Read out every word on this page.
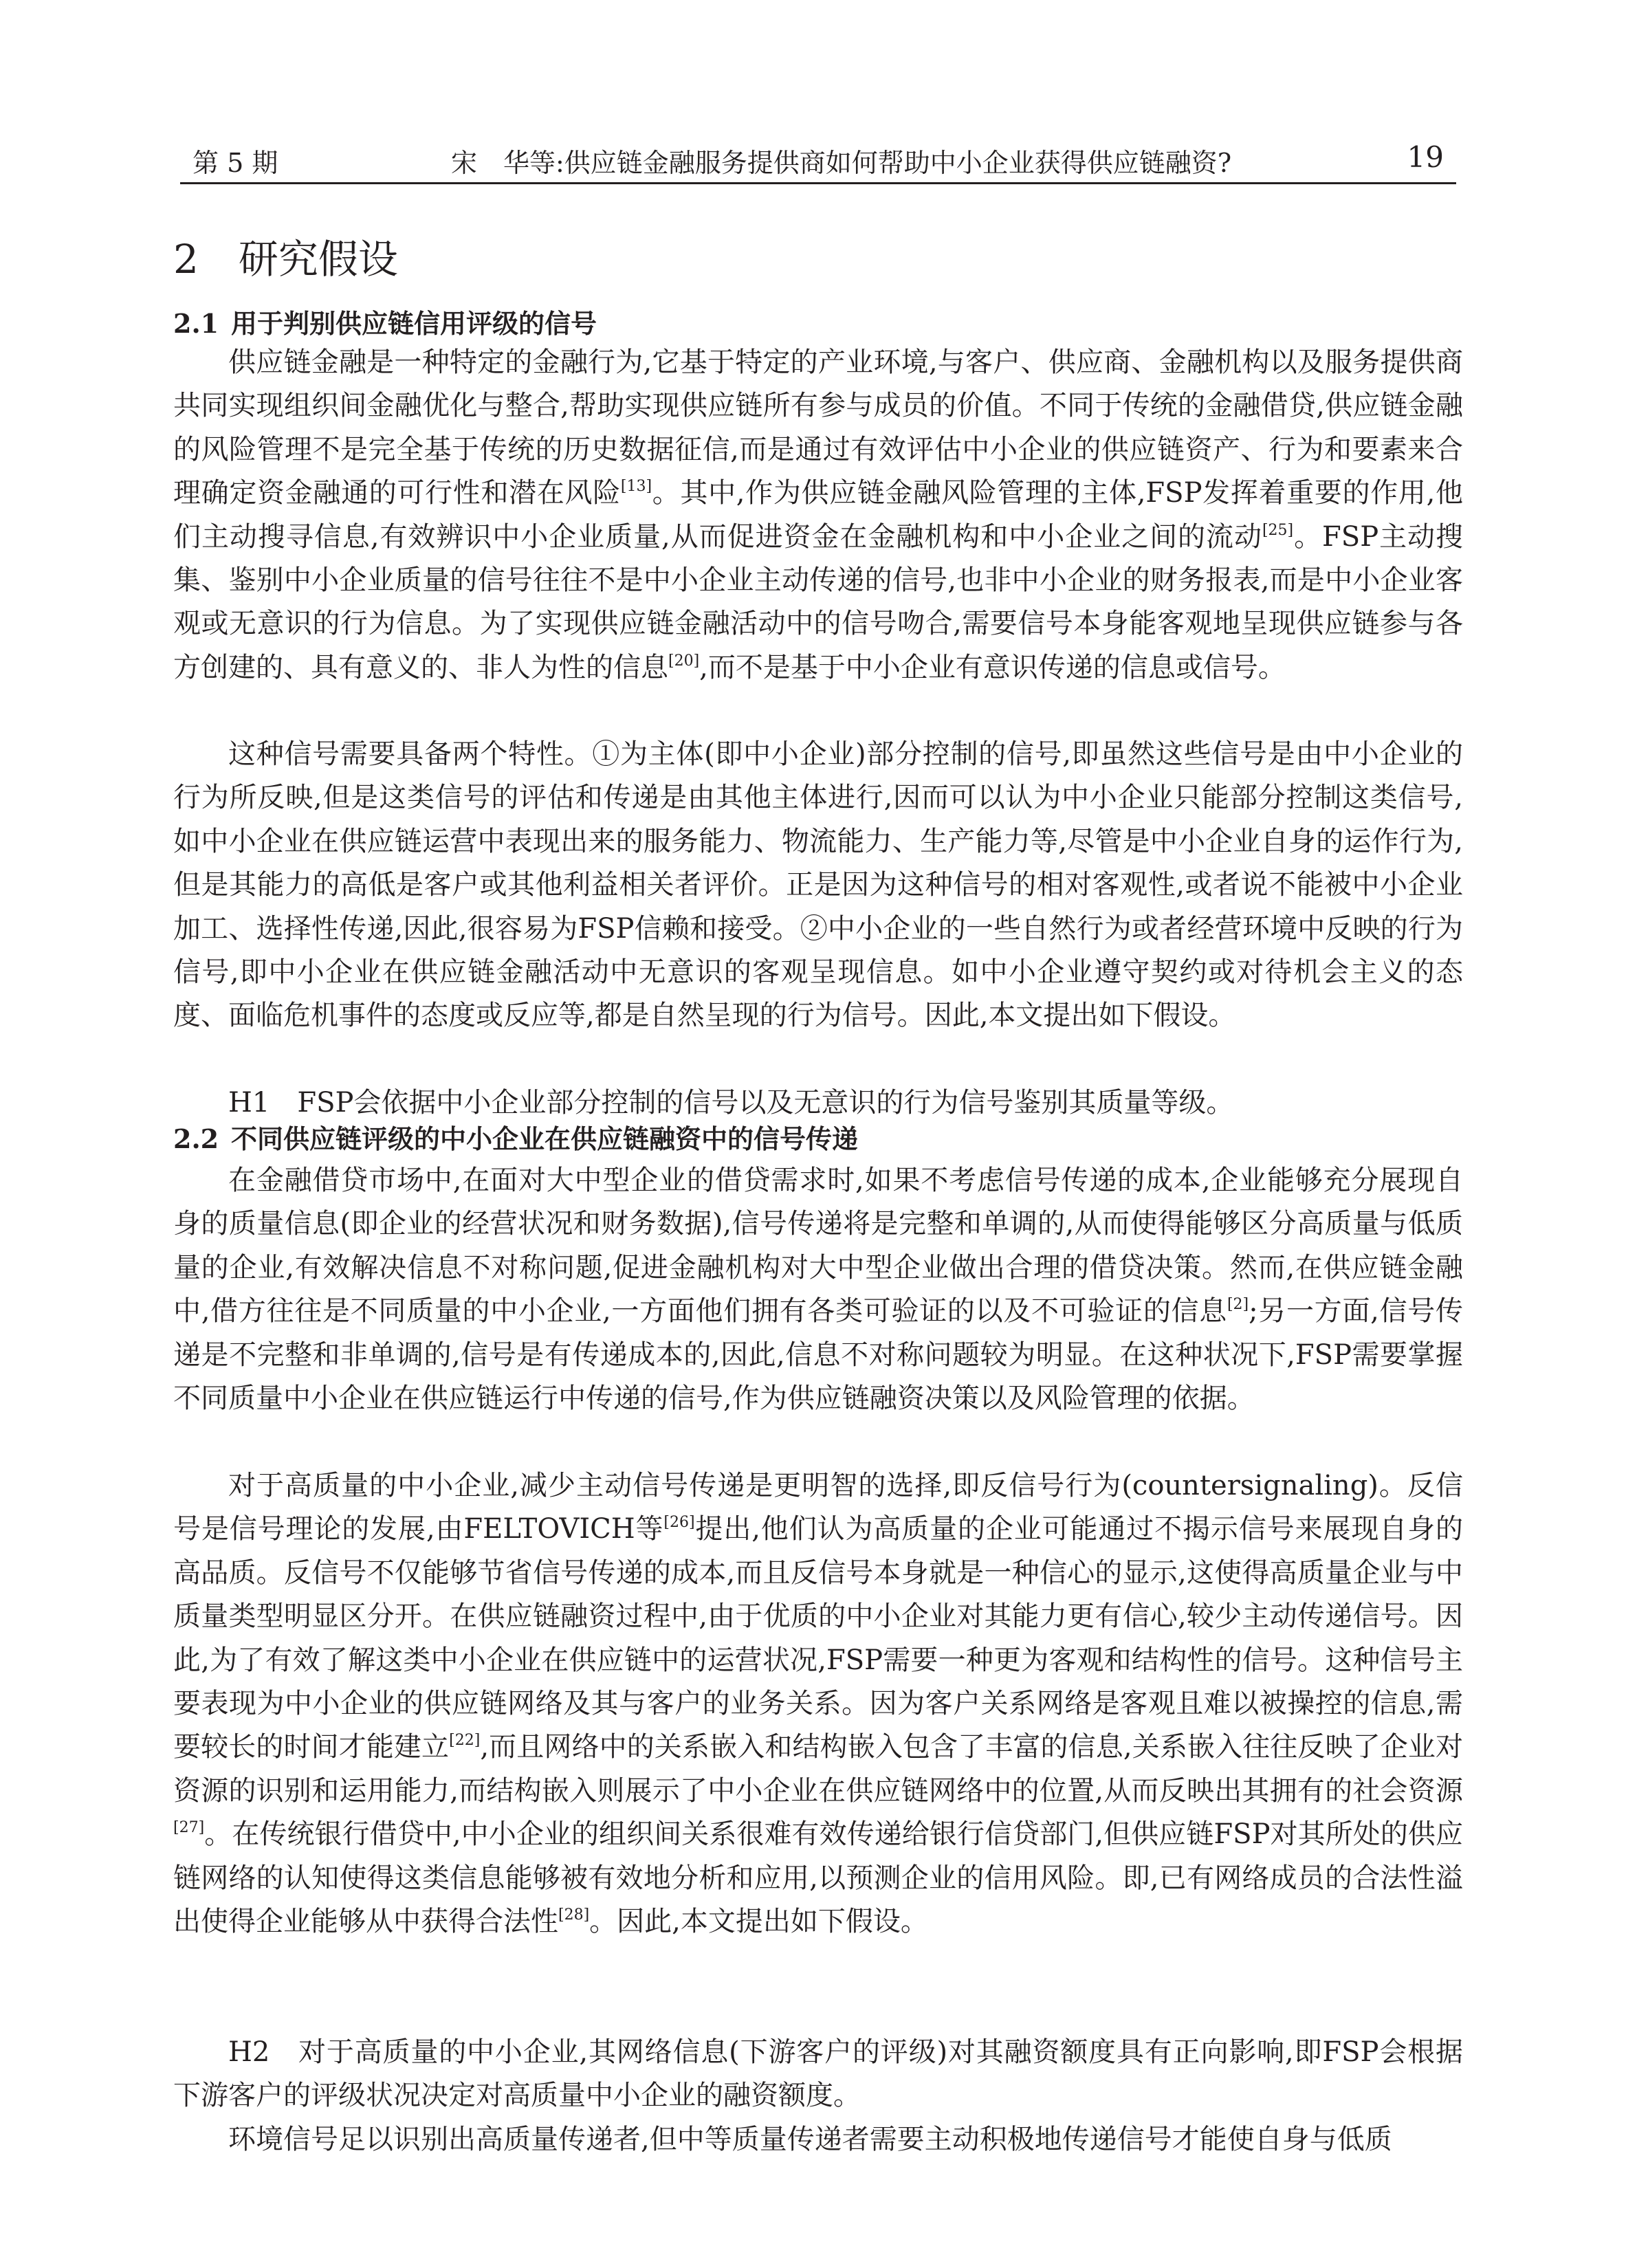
第 5 期	宋　华等:供应链金融服务提供商如何帮助中小企业获得供应链融资?	19
2　研究假设
2.1 用于判别供应链信用评级的信号
供应链金融是一种特定的金融行为,它基于特定的产业环境,与客户、供应商、金融机构以及服务提供商共同实现组织间金融优化与整合,帮助实现供应链所有参与成员的价值。不同于传统的金融借贷,供应链金融的风险管理不是完全基于传统的历史数据征信,而是通过有效评估中小企业的供应链资产、行为和要素来合理确定资金融通的可行性和潜在风险[13]。其中,作为供应链金融风险管理的主体,FSP发挥着重要的作用,他们主动搜寻信息,有效辨识中小企业质量,从而促进资金在金融机构和中小企业之间的流动[25]。FSP主动搜集、鉴别中小企业质量的信号往往不是中小企业主动传递的信号,也非中小企业的财务报表,而是中小企业客观或无意识的行为信息。为了实现供应链金融活动中的信号吻合,需要信号本身能客观地呈现供应链参与各方创建的、具有意义的、非人为性的信息[20],而不是基于中小企业有意识传递的信息或信号。
这种信号需要具备两个特性。①为主体(即中小企业)部分控制的信号,即虽然这些信号是由中小企业的行为所反映,但是这类信号的评估和传递是由其他主体进行,因而可以认为中小企业只能部分控制这类信号,如中小企业在供应链运营中表现出来的服务能力、物流能力、生产能力等,尽管是中小企业自身的运作行为,但是其能力的高低是客户或其他利益相关者评价。正是因为这种信号的相对客观性,或者说不能被中小企业加工、选择性传递,因此,很容易为FSP信赖和接受。②中小企业的一些自然行为或者经营环境中反映的行为信号,即中小企业在供应链金融活动中无意识的客观呈现信息。如中小企业遵守契约或对待机会主义的态度、面临危机事件的态度或反应等,都是自然呈现的行为信号。因此,本文提出如下假设。
H1　FSP会依据中小企业部分控制的信号以及无意识的行为信号鉴别其质量等级。
2.2 不同供应链评级的中小企业在供应链融资中的信号传递
在金融借贷市场中,在面对大中型企业的借贷需求时,如果不考虑信号传递的成本,企业能够充分展现自身的质量信息(即企业的经营状况和财务数据),信号传递将是完整和单调的,从而使得能够区分高质量与低质量的企业,有效解决信息不对称问题,促进金融机构对大中型企业做出合理的借贷决策。然而,在供应链金融中,借方往往是不同质量的中小企业,一方面他们拥有各类可验证的以及不可验证的信息[2];另一方面,信号传递是不完整和非单调的,信号是有传递成本的,因此,信息不对称问题较为明显。在这种状况下,FSP需要掌握不同质量中小企业在供应链运行中传递的信号,作为供应链融资决策以及风险管理的依据。
对于高质量的中小企业,减少主动信号传递是更明智的选择,即反信号行为(countersignaling)。反信号是信号理论的发展,由FELTOVICH等[26]提出,他们认为高质量的企业可能通过不揭示信号来展现自身的高品质。反信号不仅能够节省信号传递的成本,而且反信号本身就是一种信心的显示,这使得高质量企业与中质量类型明显区分开。在供应链融资过程中,由于优质的中小企业对其能力更有信心,较少主动传递信号。因此,为了有效了解这类中小企业在供应链中的运营状况,FSP需要一种更为客观和结构性的信号。这种信号主要表现为中小企业的供应链网络及其与客户的业务关系。因为客户关系网络是客观且难以被操控的信息,需要较长的时间才能建立[22],而且网络中的关系嵌入和结构嵌入包含了丰富的信息,关系嵌入往往反映了企业对资源的识别和运用能力,而结构嵌入则展示了中小企业在供应链网络中的位置,从而反映出其拥有的社会资源[27]。在传统银行借贷中,中小企业的组织间关系很难有效传递给银行信贷部门,但供应链FSP对其所处的供应链网络的认知使得这类信息能够被有效地分析和应用,以预测企业的信用风险。即,已有网络成员的合法性溢出使得企业能够从中获得合法性[28]。因此,本文提出如下假设。
H2　对于高质量的中小企业,其网络信息(下游客户的评级)对其融资额度具有正向影响,即FSP会根据下游客户的评级状况决定对高质量中小企业的融资额度。
环境信号足以识别出高质量传递者,但中等质量传递者需要主动积极地传递信号才能使自身与低质
